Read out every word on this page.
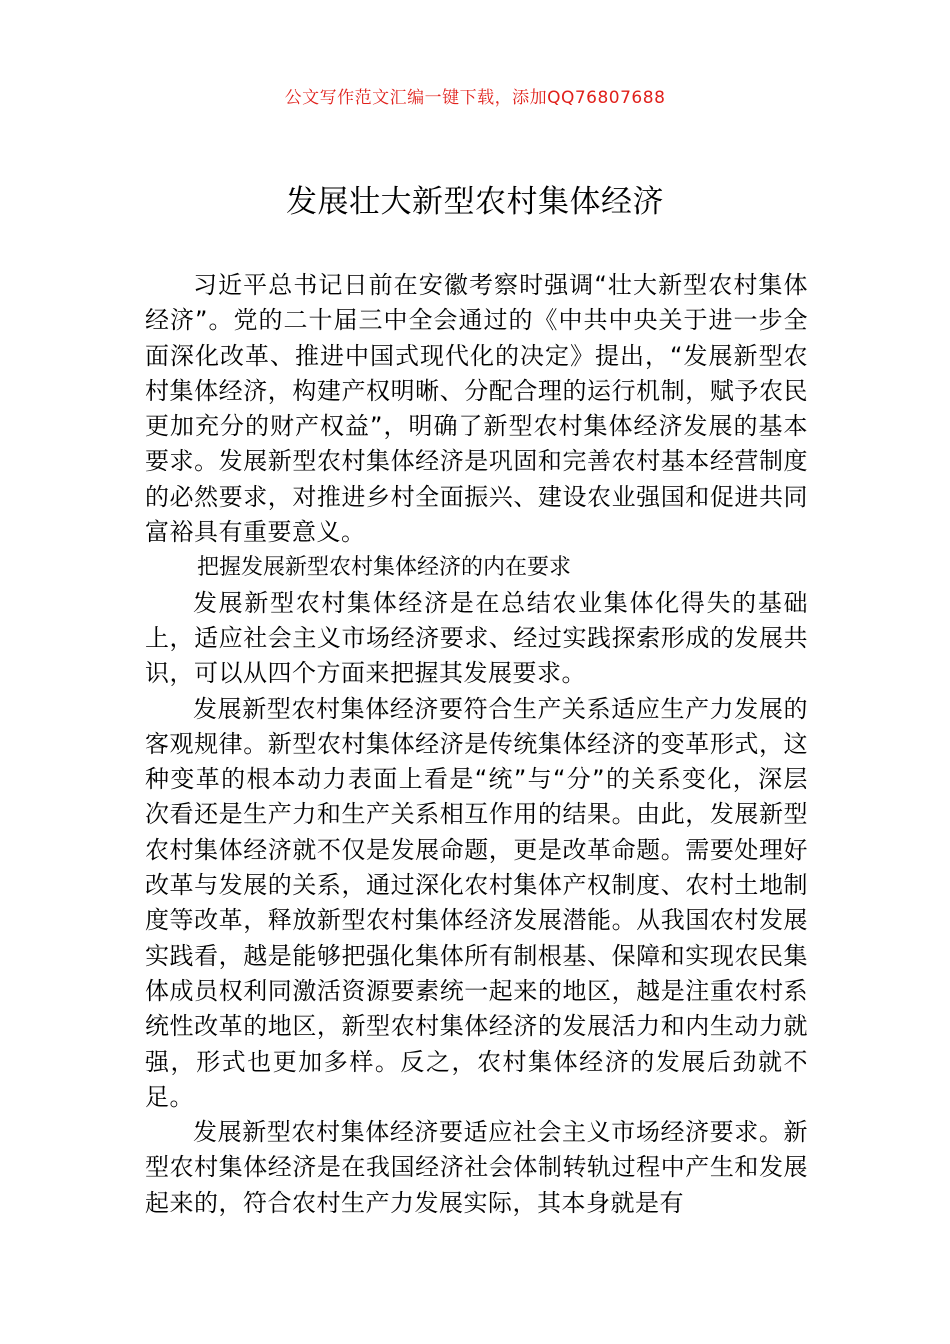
公文写作范文汇编一键下载，添加QQ76807688
发展壮大新型农村集体经济

习近平总书记日前在安徽考察时强调“壮大新型农村集体经济”。党的二十届三中全会通过的《中共中央关于进一步全面深化改革、推进中国式现代化的决定》提出，“发展新型农村集体经济，构建产权明晰、分配合理的运行机制，赋予农民更加充分的财产权益”，明确了新型农村集体经济发展的基本要求。发展新型农村集体经济是巩固和完善农村基本经营制度的必然要求，对推进乡村全面振兴、建设农业强国和促进共同富裕具有重要意义。

把握发展新型农村集体经济的内在要求

发展新型农村集体经济是在总结农业集体化得失的基础上，适应社会主义市场经济要求、经过实践探索形成的发展共识，可以从四个方面来把握其发展要求。

发展新型农村集体经济要符合生产关系适应生产力发展的客观规律。新型农村集体经济是传统集体经济的变革形式，这种变革的根本动力表面上看是“统”与“分”的关系变化，深层次看还是生产力和生产关系相互作用的结果。由此，发展新型农村集体经济就不仅是发展命题，更是改革命题。需要处理好改革与发展的关系，通过深化农村集体产权制度、农村土地制度等改革，释放新型农村集体经济发展潜能。从我国农村发展实践看，越是能够把强化集体所有制根基、保障和实现农民集体成员权利同激活资源要素统一起来的地区，越是注重农村系统性改革的地区，新型农村集体经济的发展活力和内生动力就强，形式也更加多样。反之，农村集体经济的发展后劲就不足。

发展新型农村集体经济要适应社会主义市场经济要求。新型农村集体经济是在我国经济社会体制转轨过程中产生和发展起来的，符合农村生产力发展实际，其本身就是有
